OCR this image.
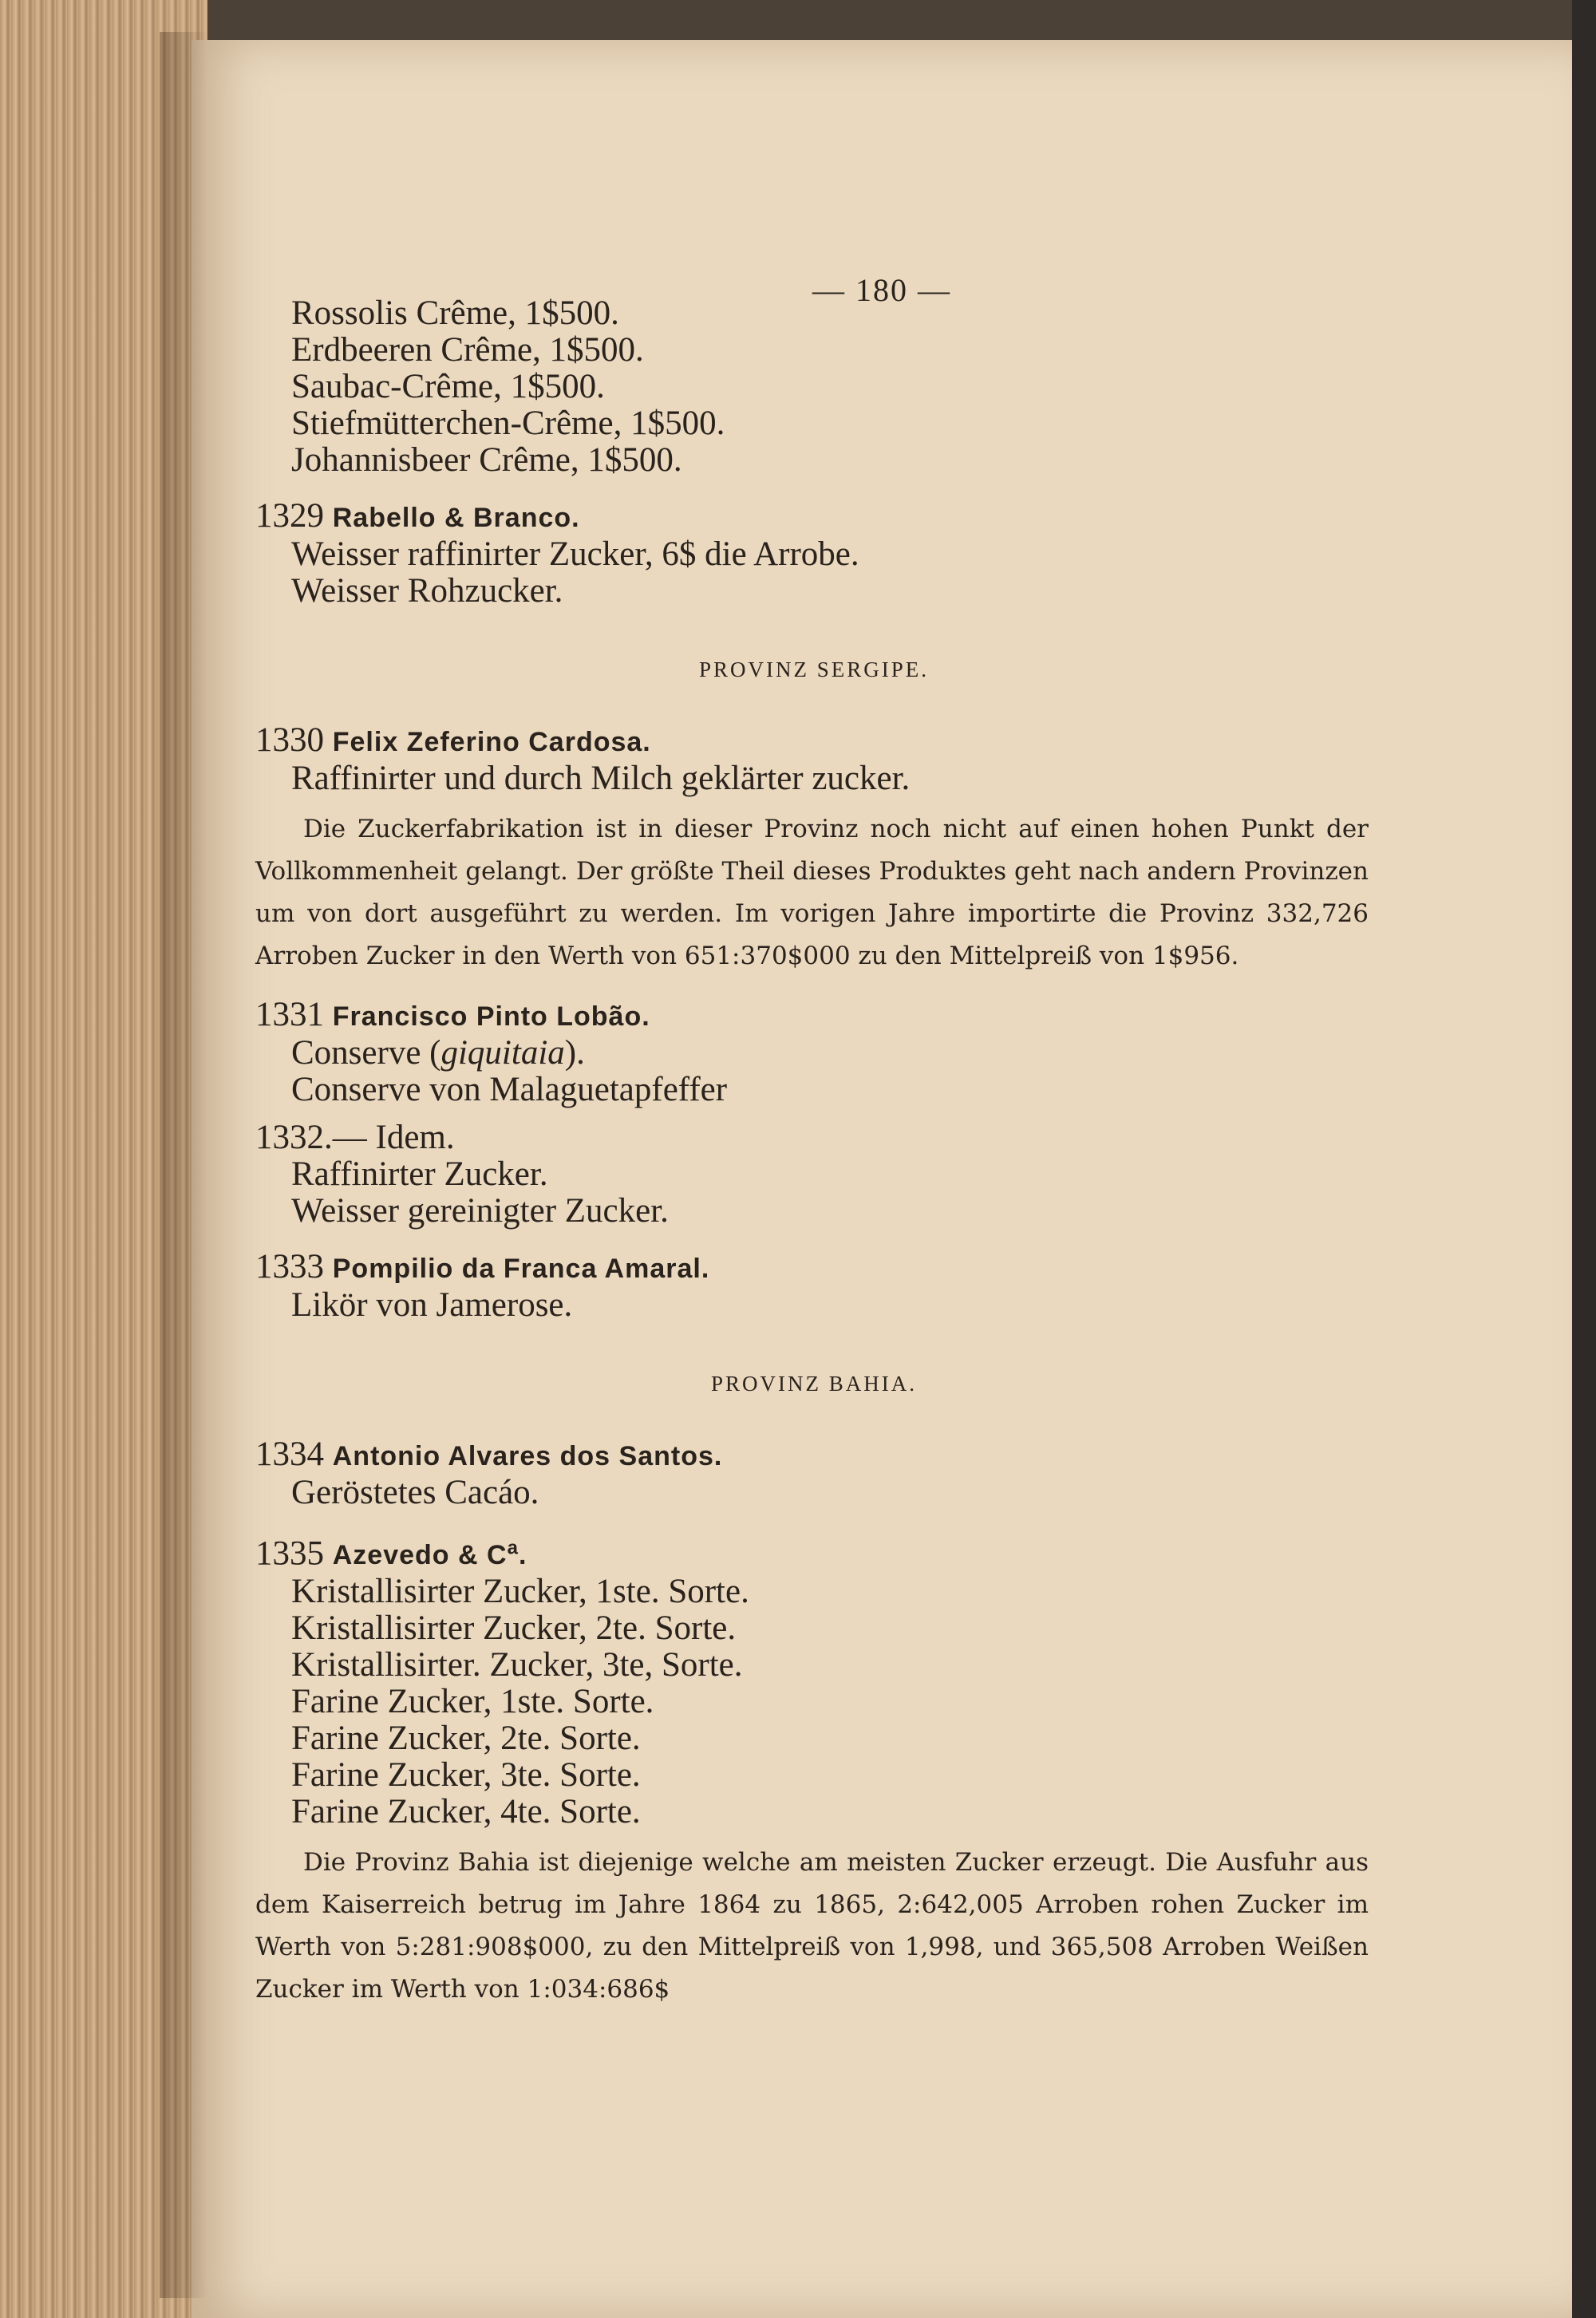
— 180 —

Rossolis Crême, 1$500.

Erdbeeren Crême, 1$500.

Saubac-Crême, 1$500.

Stiefmütterchen-Crême, 1$500.

Johannisbeer Crême, 1$500.

1329 Rabello & Branco.

Weisser raffinirter Zucker, 6$ die Arrobe.

Weisser Rohzucker.

PROVINZ SERGIPE.

1330 Felix Zeferino Cardosa.

Raffinirter und durch Milch geklärter zucker.

Die Zuckerfabrikation ist in dieser Provinz noch nicht auf einen hohen Punkt der Vollkommenheit gelangt. Der größte Theil dieses Produktes geht nach andern Provinzen um von dort ausgeführt zu werden. Im vorigen Jahre importirte die Provinz 332,726 Arroben Zucker in den Werth von 651:370$000 zu den Mittelpreiß von 1$956.

1331 Francisco Pinto Lobão.

Conserve (giquitaia).

Conserve von Malaguetapfeffer

1332.— Idem.

Raffinirter Zucker.

Weisser gereinigter Zucker.

1333 Pompilio da Franca Amaral.

Likör von Jamerose.

PROVINZ BAHIA.

1334 Antonio Alvares dos Santos.

Geröstetes Cacáo.

1335 Azevedo & $C^a$.

Kristallisirter Zucker, 1ste. Sorte.

Kristallisirter Zucker, 2te. Sorte.

Kristallisirter. Zucker, 3te, Sorte.

Farine Zucker, 1ste. Sorte.

Farine Zucker, 2te. Sorte.

Farine Zucker, 3te. Sorte.

Farine Zucker, 4te. Sorte.

Die Provinz Bahia ist diejenige welche am meisten Zucker erzeugt. Die Ausfuhr aus dem Kaiserreich betrug im Jahre 1864 zu 1865, 2:642,005 Arroben rohen Zucker im Werth von 5:281:908$000, zu den Mittelpreiß von 1,998, und 365,508 Arroben Weißen Zucker im Werth von 1:034:686$
